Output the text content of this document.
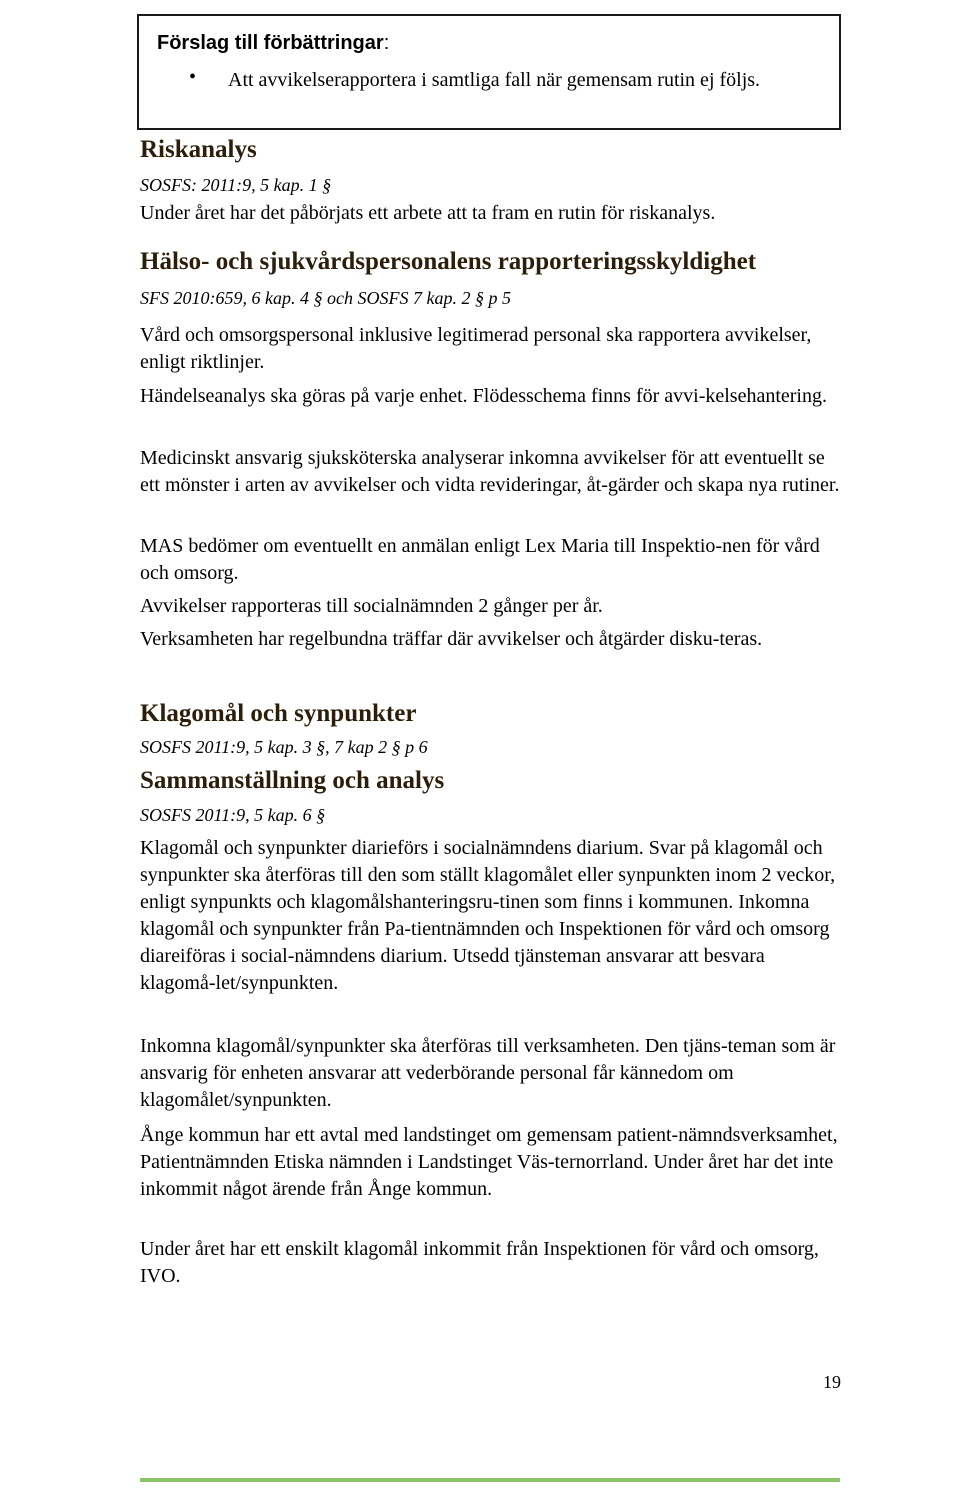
Förslag till förbättringar:
• Att avvikelserapportera i samtliga fall när gemensam rutin ej följs.
Riskanalys
SOSFS: 2011:9, 5 kap. 1 §
Under året har det påbörjats ett arbete att ta fram en rutin för riskanalys.
Hälso- och sjukvårdspersonalens rapporteringsskyldighet
SFS 2010:659, 6 kap. 4 § och SOSFS 7 kap. 2 § p 5
Vård och omsorgspersonal inklusive legitimerad personal ska rapportera avvikelser, enligt riktlinjer.
Händelseanalys ska göras på varje enhet. Flödesschema finns för avvi-kelsehantering.
Medicinskt ansvarig sjuksköterska analyserar inkomna avvikelser för att eventuellt se ett mönster i arten av avvikelser och vidta revideringar, åt-gärder och skapa nya rutiner.
MAS bedömer om eventuellt en anmälan enligt Lex Maria till Inspektio-nen för vård och omsorg.
Avvikelser rapporteras till socialnämnden 2 gånger per år.
Verksamheten har regelbundna träffar där avvikelser och åtgärder disku-teras.
Klagomål och synpunkter
SOSFS 2011:9, 5 kap. 3 §, 7 kap 2 § p 6
Sammanställning och analys
SOSFS 2011:9, 5 kap. 6 §
Klagomål och synpunkter diarieförs i socialnämndens diarium. Svar på klagomål och synpunkter ska återföras till den som ställt klagomålet eller synpunkten inom 2 veckor, enligt synpunkts och klagomålshanteringsru-tinen som finns i kommunen. Inkomna klagomål och synpunkter från Pa-tientnämnden och Inspektionen för vård och omsorg diareiföras i social-nämndens diarium. Utsedd tjänsteman ansvarar att besvara klagomå-let/synpunkten.
Inkomna klagomål/synpunkter ska återföras till verksamheten. Den tjäns-teman som är ansvarig för enheten ansvarar att vederbörande personal får kännedom om klagomålet/synpunkten.
Ånge kommun har ett avtal med landstinget om gemensam patient-nämndsverksamhet, Patientnämnden Etiska nämnden i Landstinget Väs-ternorrland. Under året har det inte inkommit något ärende från Ånge kommun.
Under året har ett enskilt klagomål inkommit från Inspektionen för vård och omsorg, IVO.
19
